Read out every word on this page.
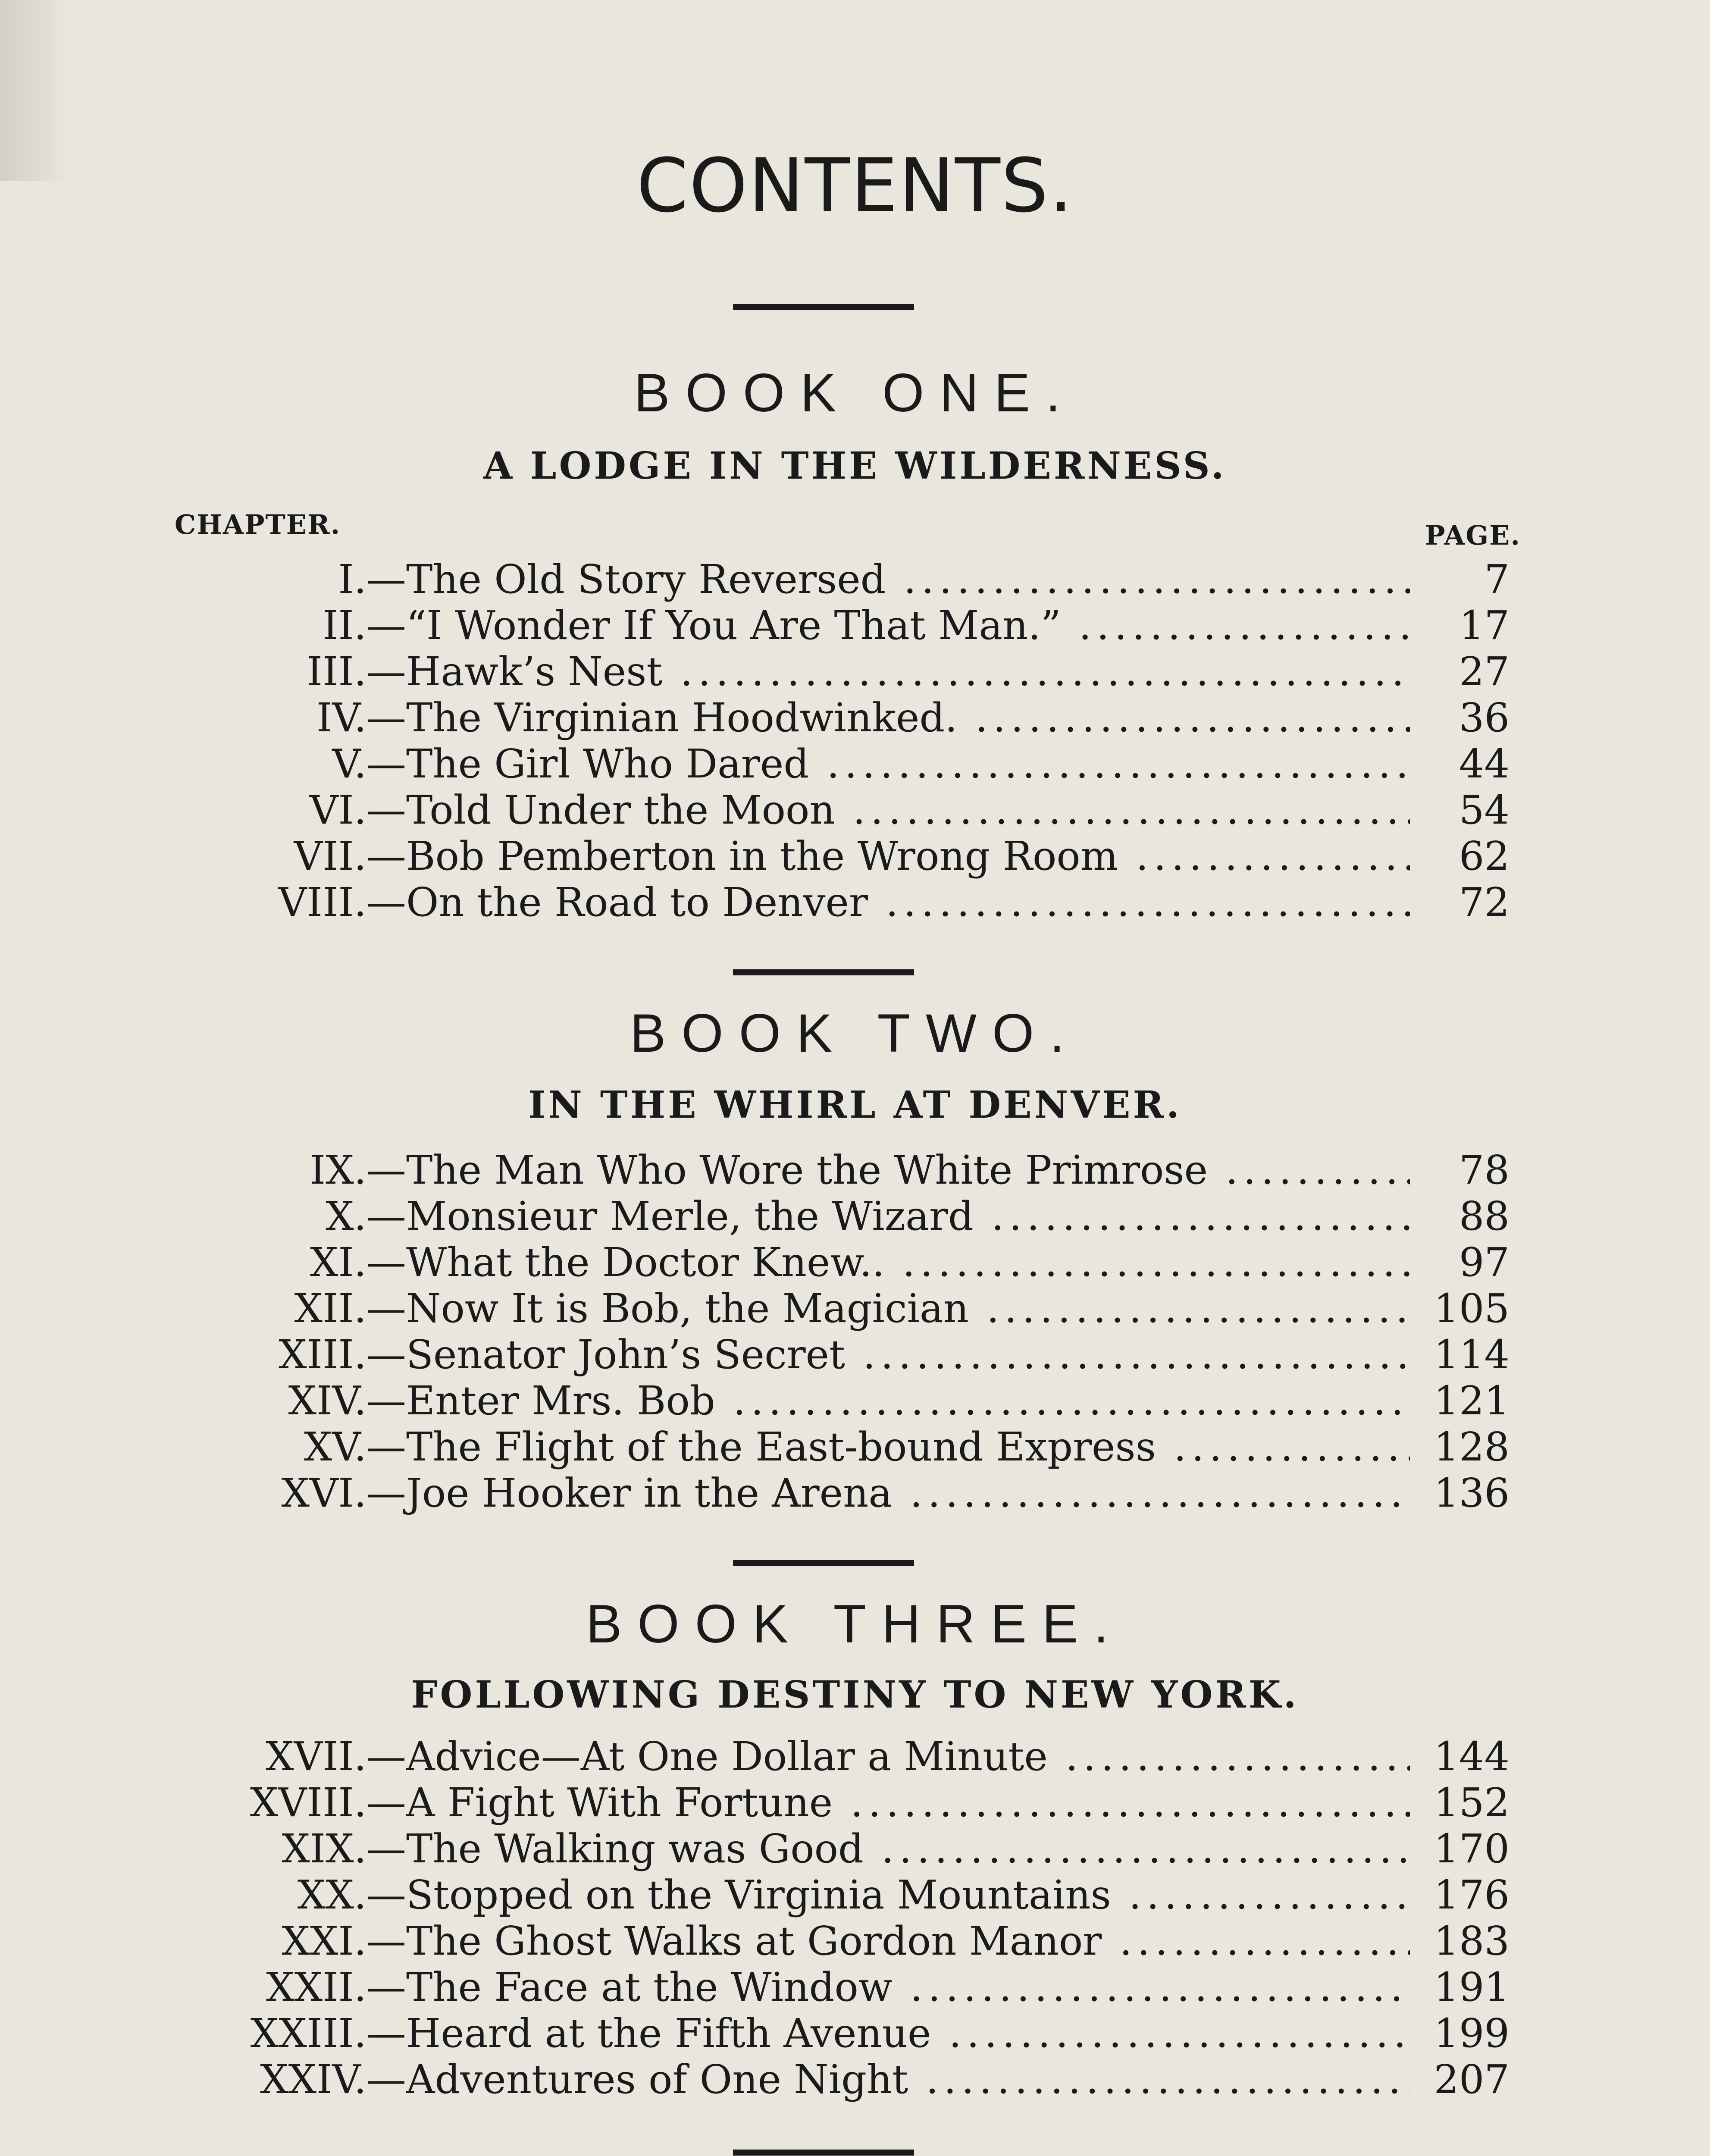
CONTENTS.
BOOK ONE.
A LODGE IN THE WILDERNESS.
CHAPTER.	PAGE.
I. —The Old Story Reversed .....	7
II. —“I Wonder If You Are That Man.” .....	17
III. —Hawk’s Nest .....	27
IV. —The Virginian Hoodwinked. .....	36
V. —The Girl Who Dared .....	44
VI. —Told Under the Moon .....	54
VII. —Bob Pemberton in the Wrong Room .....	62
VIII. —On the Road to Denver .....	72
BOOK TWO.
IN THE WHIRL AT DENVER.
IX. —The Man Who Wore the White Primrose .....	78
X. —Monsieur Merle, the Wizard .....	88
XI. —What the Doctor Knew.. .....	97
XII. —Now It is Bob, the Magician .....	105
XIII. —Senator John’s Secret .....	114
XIV. —Enter Mrs. Bob .....	121
XV. —The Flight of the East-bound Express .....	128
XVI. —Joe Hooker in the Arena .....	136
BOOK THREE.
FOLLOWING DESTINY TO NEW YORK.
XVII. —Advice—At One Dollar a Minute .....	144
XVIII. —A Fight With Fortune .....	152
XIX. —The Walking was Good .....	170
XX. —Stopped on the Virginia Mountains .....	176
XXI. —The Ghost Walks at Gordon Manor .....	183
XXII. —The Face at the Window .....	191
XXIII. —Heard at the Fifth Avenue .....	199
XXIV. —Adventures of One Night .....	207
